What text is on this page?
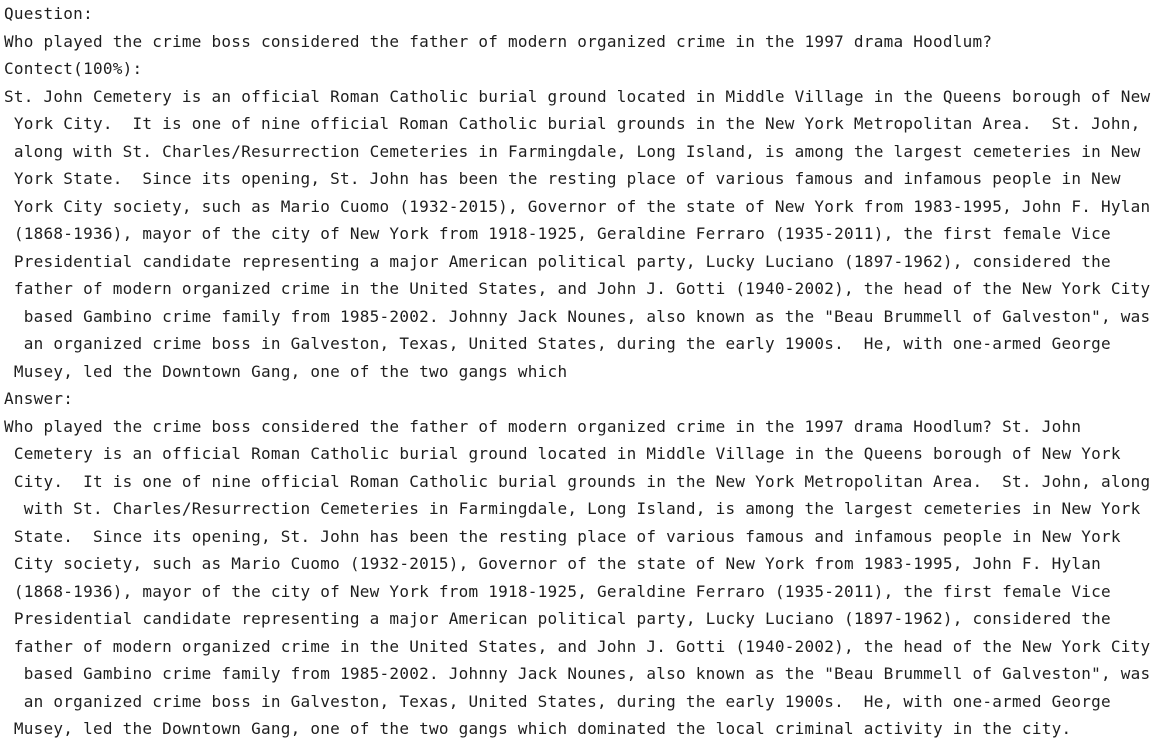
Question:
Who played the crime boss considered the father of modern organized crime in the 1997 drama Hoodlum?
Contect(100%):
St. John Cemetery is an official Roman Catholic burial ground located in Middle Village in the Queens borough of New
York City.  It is one of nine official Roman Catholic burial grounds in the New York Metropolitan Area.  St. John,
along with St. Charles/Resurrection Cemeteries in Farmingdale, Long Island, is among the largest cemeteries in New
York State.  Since its opening, St. John has been the resting place of various famous and infamous people in New
York City society, such as Mario Cuomo (1932-2015), Governor of the state of New York from 1983-1995, John F. Hylan
(1868-1936), mayor of the city of New York from 1918-1925, Geraldine Ferraro (1935-2011), the first female Vice
Presidential candidate representing a major American political party, Lucky Luciano (1897-1962), considered the
father of modern organized crime in the United States, and John J. Gotti (1940-2002), the head of the New York City
based Gambino crime family from 1985-2002. Johnny Jack Nounes, also known as the "Beau Brummell of Galveston", was
an organized crime boss in Galveston, Texas, United States, during the early 1900s.  He, with one-armed George
Musey, led the Downtown Gang, one of the two gangs which
Answer:
Who played the crime boss considered the father of modern organized crime in the 1997 drama Hoodlum? St. John
Cemetery is an official Roman Catholic burial ground located in Middle Village in the Queens borough of New York
City.  It is one of nine official Roman Catholic burial grounds in the New York Metropolitan Area.  St. John, along
with St. Charles/Resurrection Cemeteries in Farmingdale, Long Island, is among the largest cemeteries in New York
State.  Since its opening, St. John has been the resting place of various famous and infamous people in New York
City society, such as Mario Cuomo (1932-2015), Governor of the state of New York from 1983-1995, John F. Hylan
(1868-1936), mayor of the city of New York from 1918-1925, Geraldine Ferraro (1935-2011), the first female Vice
Presidential candidate representing a major American political party, Lucky Luciano (1897-1962), considered the
father of modern organized crime in the United States, and John J. Gotti (1940-2002), the head of the New York City
based Gambino crime family from 1985-2002. Johnny Jack Nounes, also known as the "Beau Brummell of Galveston", was
an organized crime boss in Galveston, Texas, United States, during the early 1900s.  He, with one-armed George
Musey, led the Downtown Gang, one of the two gangs which dominated the local criminal activity in the city.
